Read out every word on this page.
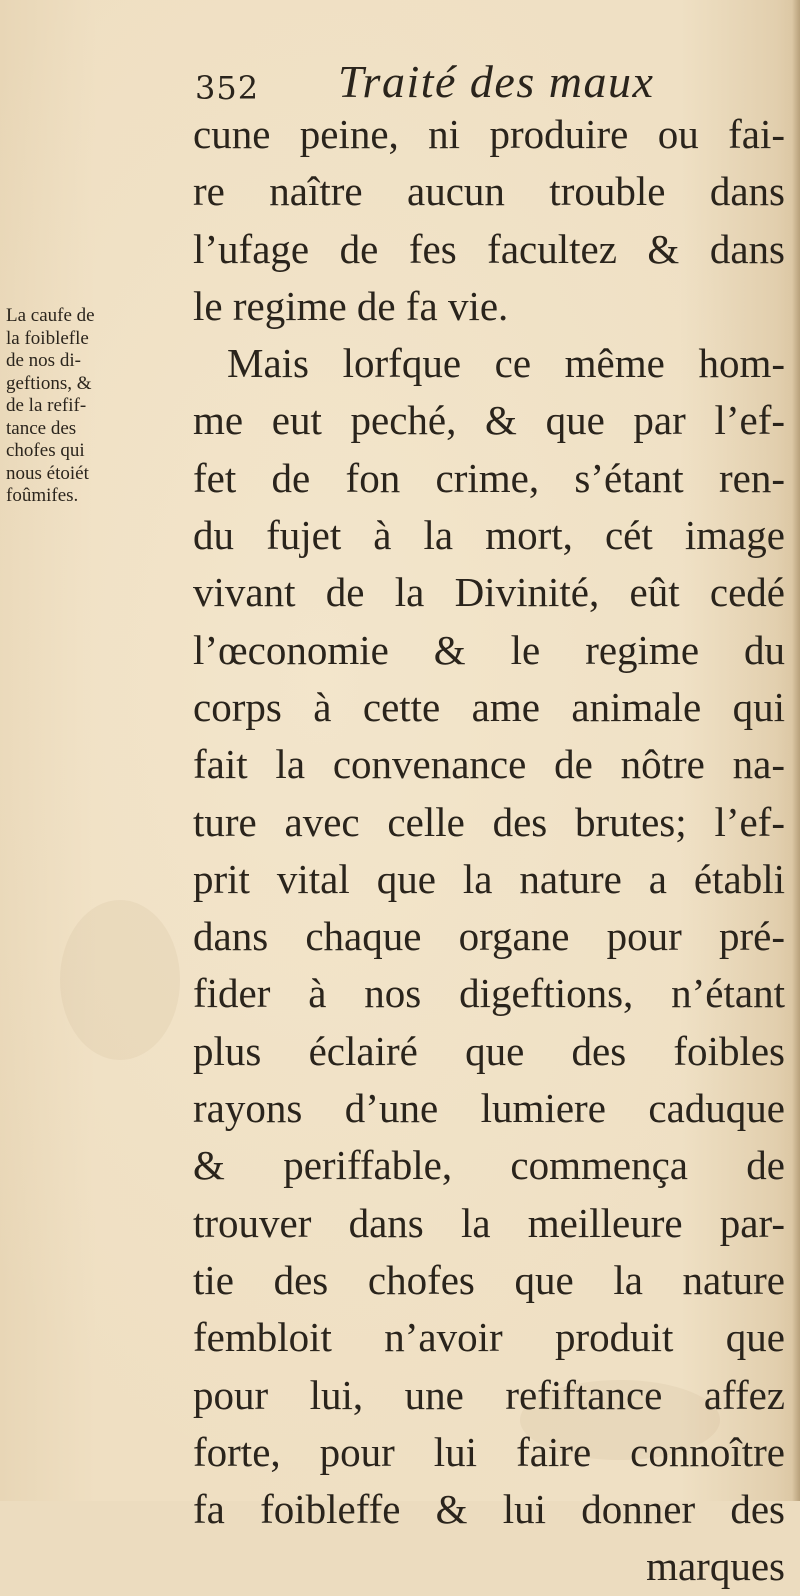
352 Traité des maux
La caufe de
la foiblefle
de nos di-
geftions, &
de la refif-
tance des
chofes qui
nous étoiét
foûmifes.
cune peine, ni produire ou fai-
re naître aucun trouble dans
l’ufage de fes facultez & dans
le regime de fa vie.
Mais lorfque ce même hom-
me eut peché, & que par l’ef-
fet de fon crime, s’étant ren-
du fujet à la mort, cét image
vivant de la Divinité, eût cedé
l’œconomie & le regime du
corps à cette ame animale qui
fait la convenance de nôtre na-
ture avec celle des brutes; l’ef-
prit vital que la nature a établi
dans chaque organe pour pré-
fider à nos digeftions, n’étant
plus éclairé que des foibles
rayons d’une lumiere caduque
& periffable, commença de
trouver dans la meilleure par-
tie des chofes que la nature
fembloit n’avoir produit que
pour lui, une refiftance affez
forte, pour lui faire connoître
fa foibleffe & lui donner des
marques
